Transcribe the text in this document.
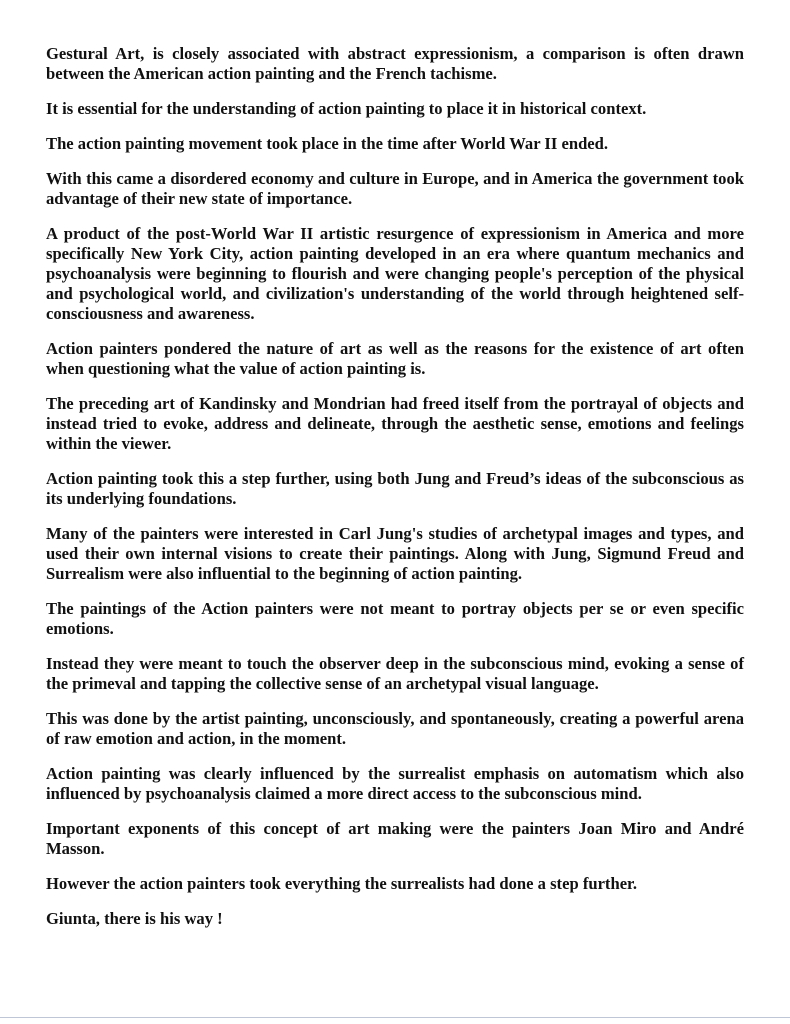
Gestural Art, is closely associated with abstract expressionism, a comparison is often drawn between the American action painting and the French tachisme.

It is essential for the understanding of action painting to place it in historical context.

The action painting movement took place in the time after World War II ended.

With this came a disordered economy and culture in Europe, and in America the government took advantage of their new state of importance.

A product of the post-World War II artistic resurgence of expressionism in America and more specifically New York City, action painting developed in an era where quantum mechanics and psychoanalysis were beginning to flourish and were changing people's perception of the physical and psychological world, and civilization's understanding of the world through heightened self-consciousness and awareness.

Action painters pondered the nature of art as well as the reasons for the existence of art often when questioning what the value of action painting is.

The preceding art of Kandinsky and Mondrian had freed itself from the portrayal of objects and instead tried to evoke, address and delineate, through the aesthetic sense, emotions and feelings within the viewer.

Action painting took this a step further, using both Jung and Freud’s ideas of the subconscious as its underlying foundations.

Many of the painters were interested in Carl Jung's studies of archetypal images and types, and used their own internal visions to create their paintings. Along with Jung, Sigmund Freud and Surrealism were also influential to the beginning of action painting.

The paintings of the Action painters were not meant to portray objects per se or even specific emotions.

Instead they were meant to touch the observer deep in the subconscious mind, evoking a sense of the primeval and tapping the collective sense of an archetypal visual language.

This was done by the artist painting, unconsciously, and spontaneously, creating a powerful arena of raw emotion and action, in the moment.

Action painting was clearly influenced by the surrealist emphasis on automatism which also influenced by psychoanalysis claimed a more direct access to the subconscious mind.

Important exponents of this concept of art making were the painters Joan Miro and André Masson.

However the action painters took everything the surrealists had done a step further.

Giunta, there is his way !
